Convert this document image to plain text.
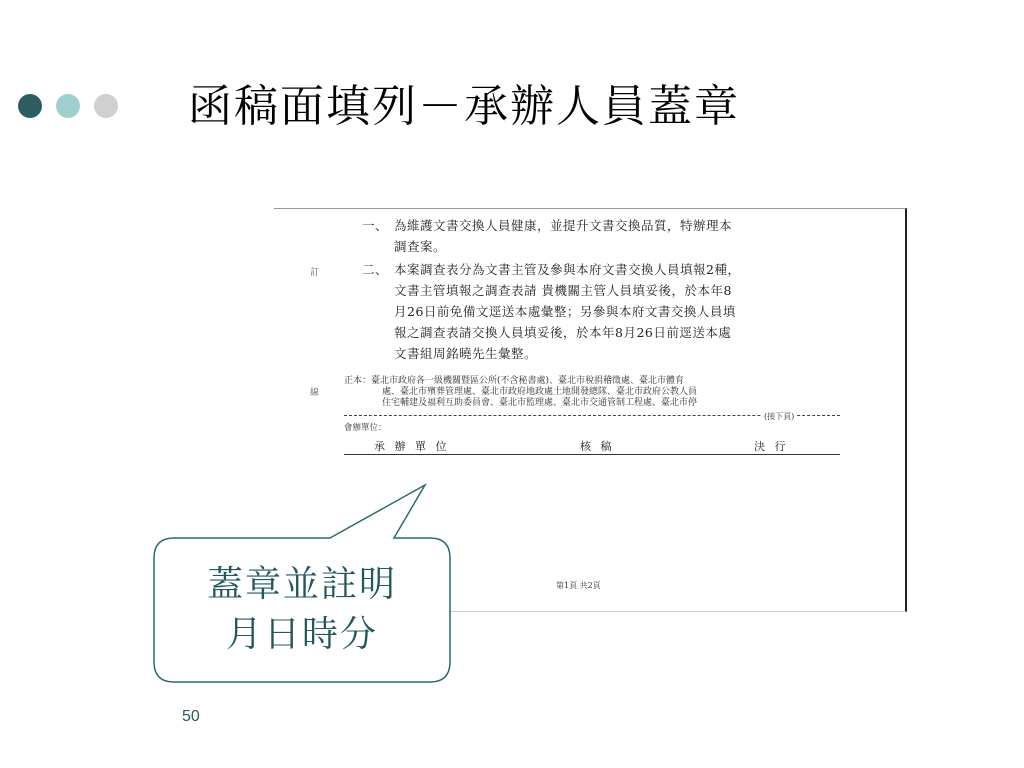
函稿面填列－承辦人員蓋章
訂
線
一、 為維護文書交換人員健康，並提升文書交換品質，特辦理本
調查案。
二、 本案調查表分為文書主管及參與本府文書交換人員填報2種，
文書主管填報之調查表請 貴機關主管人員填妥後，於本年8
月26日前免備文逕送本處彙整；另參與本府文書交換人員填
報之調查表請交換人員填妥後，於本年8月26日前逕送本處
文書組周銘曉先生彙整。
正本：臺北市政府各一級機關暨區公所(不含秘書處)、臺北市稅捐稽徵處、臺北市體育
處、臺北市殯葬管理處、臺北市政府地政處土地開發總隊、臺北市政府公教人員
住宅輔建及福利互助委員會、臺北市監理處、臺北市交通管制工程處、臺北市停
(接下頁)
會辦單位：
承 辦 單 位	核 稿	決 行
第1頁 共2頁
蓋章並註明
月日時分
50
